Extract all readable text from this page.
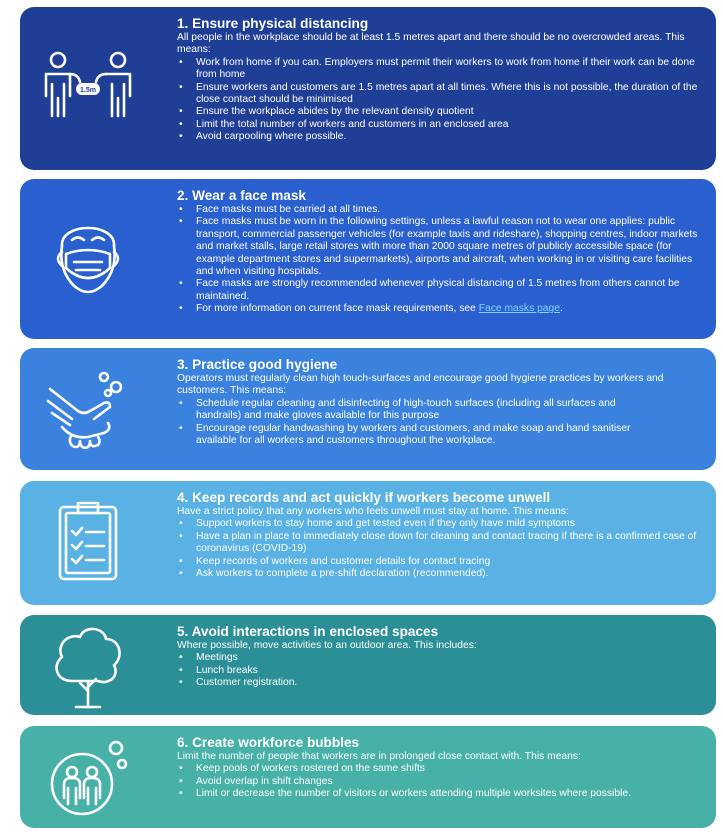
1.5m
1. Ensure physical distancing

All people in the workplace should be at least 1.5 metres apart and there should be no overcrowded areas. This means:

• Work from home if you can. Employers must permit their workers to work from home if their work can be done from home
• Ensure workers and customers are 1.5 metres apart at all times. Where this is not possible, the duration of the close contact should be minimised
• Ensure the workplace abides by the relevant density quotient
• Limit the total number of workers and customers in an enclosed area
• Avoid carpooling where possible.
2. Wear a face mask
• Face masks must be carried at all times.
• Face masks must be worn in the following settings, unless a lawful reason not to wear one applies: public transport, commercial passenger vehicles (for example taxis and rideshare), shopping centres, indoor markets and market stalls, large retail stores with more than 2000 square metres of publicly accessible space (for example department stores and supermarkets), airports and aircraft, when working in or visiting care facilities and when visiting hospitals.
• Face masks are strongly recommended whenever physical distancing of 1.5 metres from others cannot be maintained.
• For more information on current face mask requirements, see Face masks page.
3. Practice good hygiene

Operators must regularly clean high touch-surfaces and encourage good hygiene practices by workers and customers. This means:

• Schedule regular cleaning and disinfecting of high-touch surfaces (including all surfaces and handrails) and make gloves available for this purpose
• Encourage regular handwashing by workers and customers, and make soap and hand sanitiser available for all workers and customers throughout the workplace.
4. Keep records and act quickly if workers become unwell

Have a strict policy that any workers who feels unwell must stay at home. This means:

• Support workers to stay home and get tested even if they only have mild symptoms
• Have a plan in place to immediately close down for cleaning and contact tracing if there is a confirmed case of coronavirus (COVID-19)
• Keep records of workers and customer details for contact tracing
• Ask workers to complete a pre-shift declaration (recommended).
5. Avoid interactions in enclosed spaces

Where possible, move activities to an outdoor area. This includes:

• Meetings
• Lunch breaks
• Customer registration.
6. Create workforce bubbles

Limit the number of people that workers are in prolonged close contact with. This means:

• Keep pools of workers rostered on the same shifts
• Avoid overlap in shift changes
• Limit or decrease the number of visitors or workers attending multiple worksites where possible.
